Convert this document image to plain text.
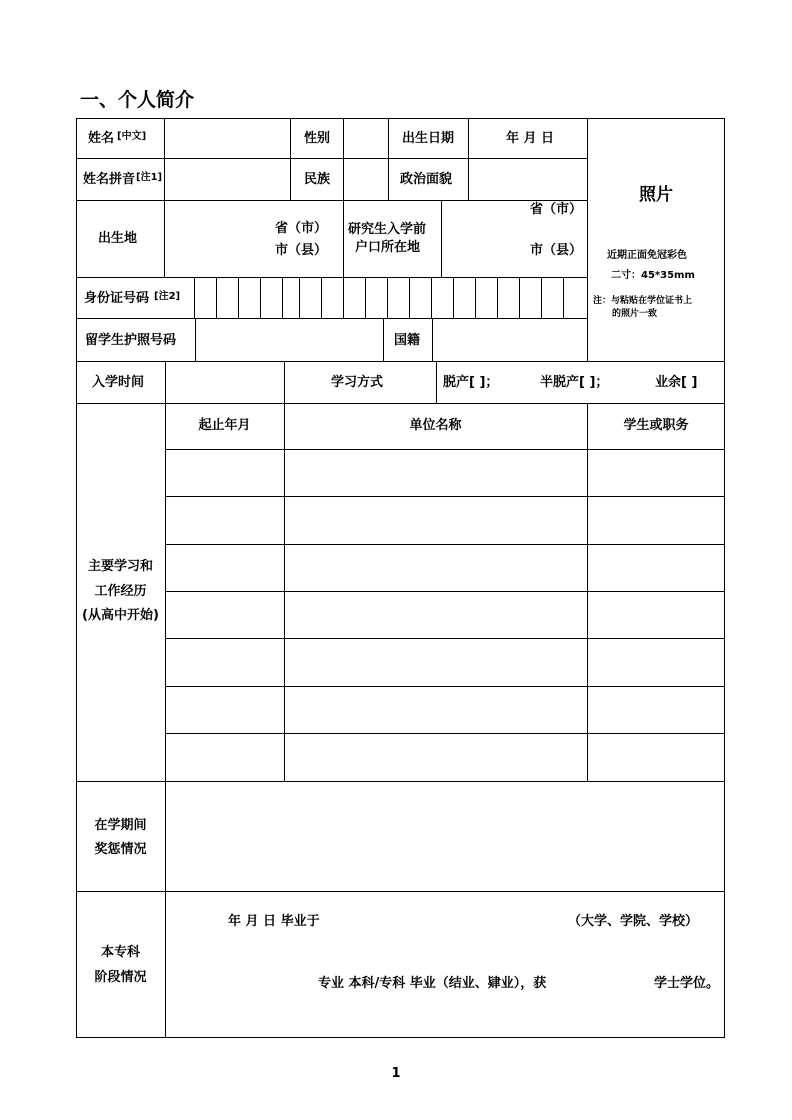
一、个人简介
姓名 [中文]	性别	出生日期	年 月 日
姓名拼音 [注1]	民族	政治面貌
出生地
省（市）
市（县）
研究生入学前
户口所在地
省（市）
市（县）
身份证号码 [注2]
留学生护照号码	国籍
照片
近期正面免冠彩色
二寸：45*35mm
注：与粘贴在学位证书上
的照片一致
入学时间	学习方式	脱产[ ]；	半脱产[ ]；	业余[ ]
起止年月	单位名称	学生或职务
主要学习和
工作经历
(从高中开始)
在学期间
奖惩情况
本专科
阶段情况
年 月 日 毕业于	（大学、学院、学校）
专业 本科/专科 毕业（结业、肄业），获	学士学位。
1
